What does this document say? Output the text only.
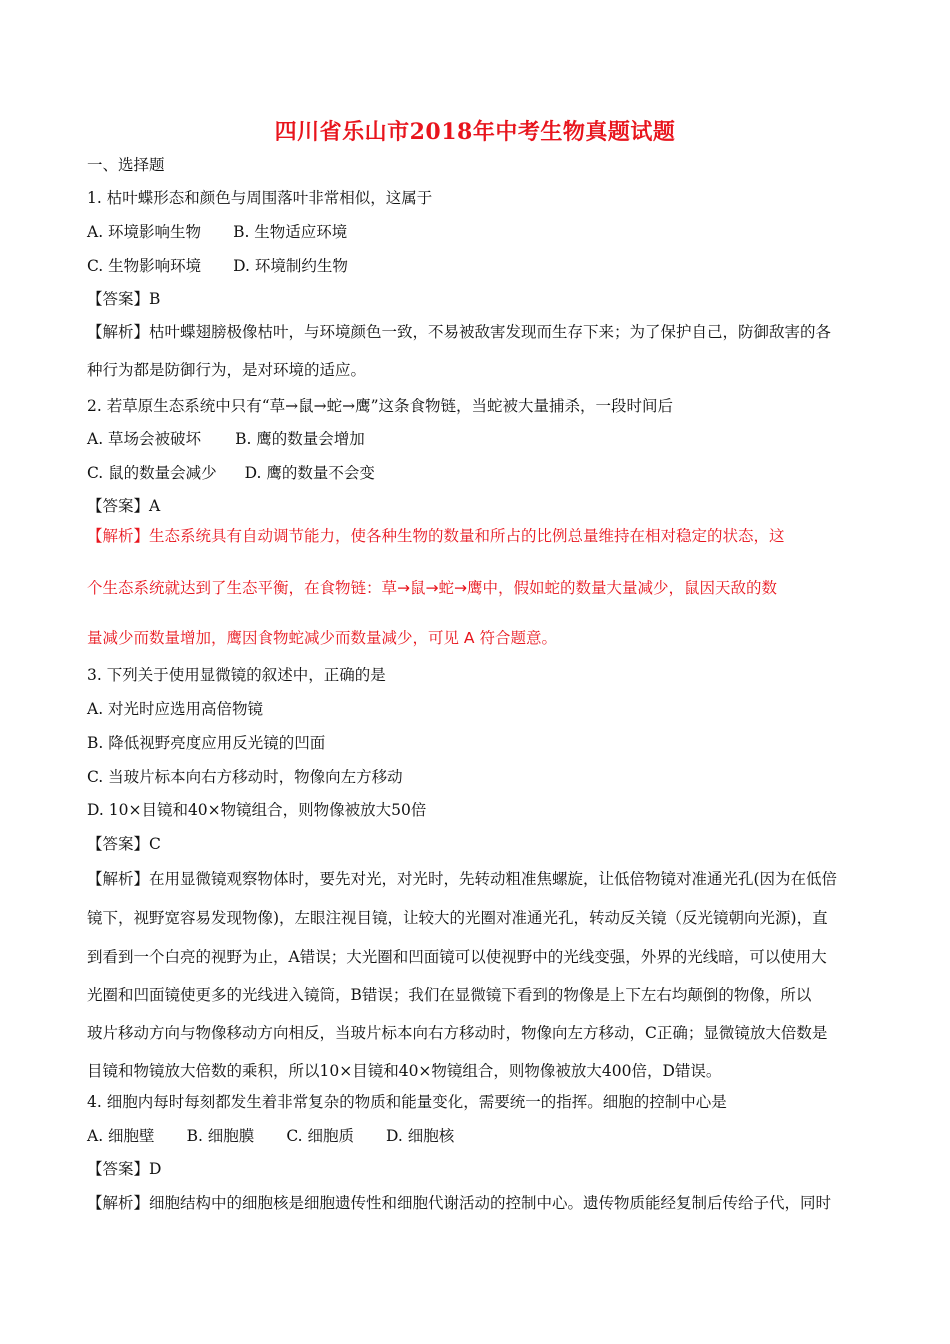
四川省乐山市2018年中考生物真题试题
一、选择题
1. 枯叶蝶形态和颜色与周围落叶非常相似，这属于
A. 环境影响生物 B. 生物适应环境
C. 生物影响环境 D. 环境制约生物
【答案】B
【解析】枯叶蝶翅膀极像枯叶，与环境颜色一致，不易被敌害发现而生存下来；为了保护自己，防御敌害的各
种行为都是防御行为，是对环境的适应。
2. 若草原生态系统中只有“草→鼠→蛇→鹰”这条食物链，当蛇被大量捕杀，一段时间后
A. 草场会被破坏 B. 鹰的数量会增加
C. 鼠的数量会减少 D. 鹰的数量不会变
【答案】A
【解析】生态系统具有自动调节能力，使各种生物的数量和所占的比例总量维持在相对稳定的状态，这
个生态系统就达到了生态平衡，在食物链：草→鼠→蛇→鹰中，假如蛇的数量大量减少，鼠因天敌的数
量减少而数量增加，鹰因食物蛇减少而数量减少，可见 A 符合题意。
3. 下列关于使用显微镜的叙述中，正确的是
A. 对光时应选用高倍物镜
B. 降低视野亮度应用反光镜的凹面
C. 当玻片标本向右方移动时，物像向左方移动
D. 10×目镜和40×物镜组合，则物像被放大50倍
【答案】C
【解析】在用显微镜观察物体时，要先对光，对光时，先转动粗准焦螺旋，让低倍物镜对准通光孔(因为在低倍
镜下，视野宽容易发现物像)，左眼注视目镜，让较大的光圈对准通光孔，转动反关镜（反光镜朝向光源)，直
到看到一个白亮的视野为止，A错误；大光圈和凹面镜可以使视野中的光线变强，外界的光线暗，可以使用大
光圈和凹面镜使更多的光线进入镜筒，B错误；我们在显微镜下看到的物像是上下左右均颠倒的物像，所以
玻片移动方向与物像移动方向相反，当玻片标本向右方移动时，物像向左方移动，C正确；显微镜放大倍数是
目镜和物镜放大倍数的乘积，所以10×目镜和40×物镜组合，则物像被放大400倍，D错误。
4. 细胞内每时每刻都发生着非常复杂的物质和能量变化，需要统一的指挥。细胞的控制中心是
A. 细胞壁 B. 细胞膜 C. 细胞质 D. 细胞核
【答案】D
【解析】细胞结构中的细胞核是细胞遗传性和细胞代谢活动的控制中心。遗传物质能经复制后传给子代，同时
